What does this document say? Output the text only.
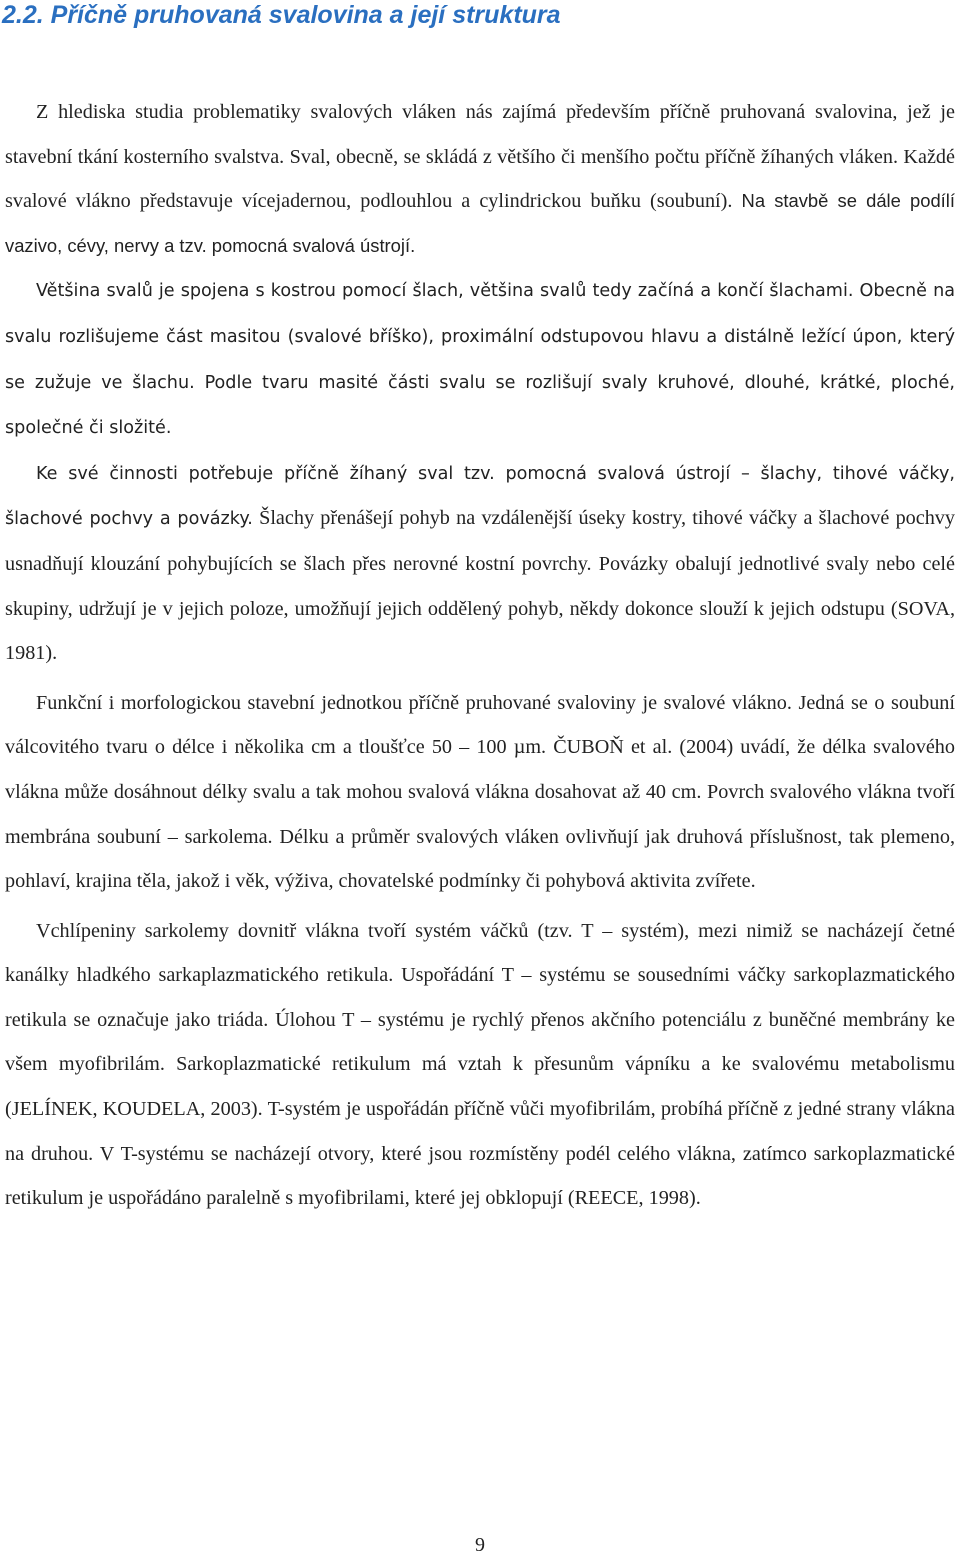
2.2. Příčně pruhovaná svalovina a její struktura

Z hlediska studia problematiky svalových vláken nás zajímá především příčně pruhovaná svalovina, jež je stavební tkání kosterního svalstva. Sval, obecně, se skládá z většího či menšího počtu příčně žíhaných vláken. Každé svalové vlákno představuje vícejadernou, podlouhlou a cylindrickou buňku (soubuní). Na stavbě se dále podílí vazivo, cévy, nervy a tzv. pomocná svalová ústrojí.

Většina svalů je spojena s kostrou pomocí šlach, většina svalů tedy začíná a končí šlachami. Obecně na svalu rozlišujeme část masitou (svalové bříško), proximální odstupovou hlavu a distálně ležící úpon, který se zužuje ve šlachu. Podle tvaru masité části svalu se rozlišují svaly kruhové, dlouhé, krátké, ploché, společné či složité.

Ke své činnosti potřebuje příčně žíhaný sval tzv. pomocná svalová ústrojí – šlachy, tihové váčky, šlachové pochvy a povázky. Šlachy přenášejí pohyb na vzdálenější úseky kostry, tihové váčky a šlachové pochvy usnadňují klouzání pohybujících se šlach přes nerovné kostní povrchy. Povázky obalují jednotlivé svaly nebo celé skupiny, udržují je v jejich poloze, umožňují jejich oddělený pohyb, někdy dokonce slouží k jejich odstupu (SOVA, 1981).

Funkční i morfologickou stavební jednotkou příčně pruhované svaloviny je svalové vlákno. Jedná se o soubuní válcovitého tvaru o délce i několika cm a tloušťce 50 – 100 µm. ČUBOŇ et al. (2004) uvádí, že délka svalového vlákna může dosáhnout délky svalu a tak mohou svalová vlákna dosahovat až 40 cm. Povrch svalového vlákna tvoří membrána soubuní – sarkolema. Délku a průměr svalových vláken ovlivňují jak druhová příslušnost, tak plemeno, pohlaví, krajina těla, jakož i věk, výživa, chovatelské podmínky či pohybová aktivita zvířete.

Vchlípeniny sarkolemy dovnitř vlákna tvoří systém váčků (tzv. T – systém), mezi nimiž se nacházejí četné kanálky hladkého sarkaplazmatického retikula. Uspořádání T – systému se sousedními váčky sarkoplazmatického retikula se označuje jako triáda. Úlohou T – systému je rychlý přenos akčního potenciálu z buněčné membrány ke všem myofibrilám. Sarkoplazmatické retikulum má vztah k přesunům vápníku a ke svalovému metabolismu (JELÍNEK, KOUDELA, 2003). T-systém je uspořádán příčně vůči myofibrilám, probíhá příčně z jedné strany vlákna na druhou. V T-systému se nacházejí otvory, které jsou rozmístěny podél celého vlákna, zatímco sarkoplazmatické retikulum je uspořádáno paralelně s myofibrilami, které jej obklopují (REECE, 1998).

9
